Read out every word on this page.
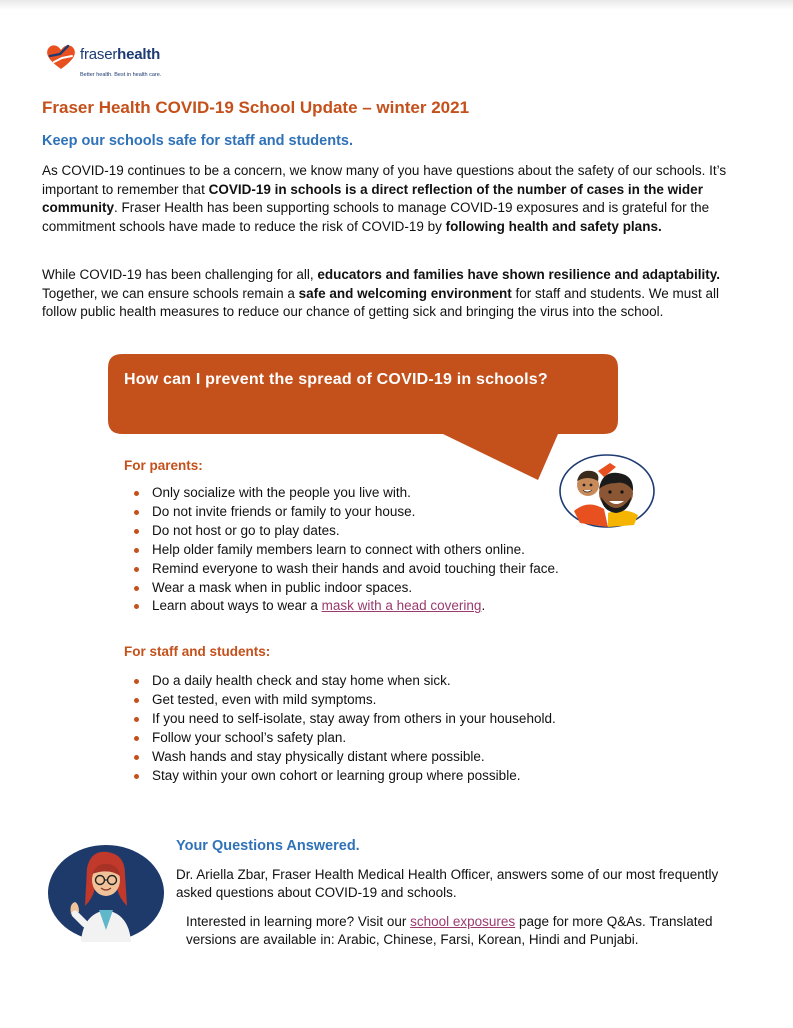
fraserhealth
Better health. Best in health care.
Fraser Health COVID-19 School Update – winter 2021
Keep our schools safe for staff and students.

As COVID-19 continues to be a concern, we know many of you have questions about the safety of our schools. It’s important to remember that COVID-19 in schools is a direct reflection of the number of cases in the wider community. Fraser Health has been supporting schools to manage COVID-19 exposures and is grateful for the commitment schools have made to reduce the risk of COVID-19 by following health and safety plans.

While COVID-19 has been challenging for all, educators and families have shown resilience and adaptability. Together, we can ensure schools remain a safe and welcoming environment for staff and students. We must all follow public health measures to reduce our chance of getting sick and bringing the virus into the school.

How can I prevent the spread of COVID-19 in schools?

For parents:
Only socialize with the people you live with.
Do not invite friends or family to your house.
Do not host or go to play dates.
Help older family members learn to connect with others online.
Remind everyone to wash their hands and avoid touching their face.
Wear a mask when in public indoor spaces.
Learn about ways to wear a mask with a head covering.
For staff and students:
Do a daily health check and stay home when sick.
Get tested, even with mild symptoms.
If you need to self-isolate, stay away from others in your household.
Follow your school’s safety plan.
Wash hands and stay physically distant where possible.
Stay within your own cohort or learning group where possible.
Your Questions Answered.

Dr. Ariella Zbar, Fraser Health Medical Health Officer, answers some of our most frequently asked questions about COVID-19 and schools.

Interested in learning more? Visit our school exposures page for more Q&As. Translated versions are available in: Arabic, Chinese, Farsi, Korean, Hindi and Punjabi.
